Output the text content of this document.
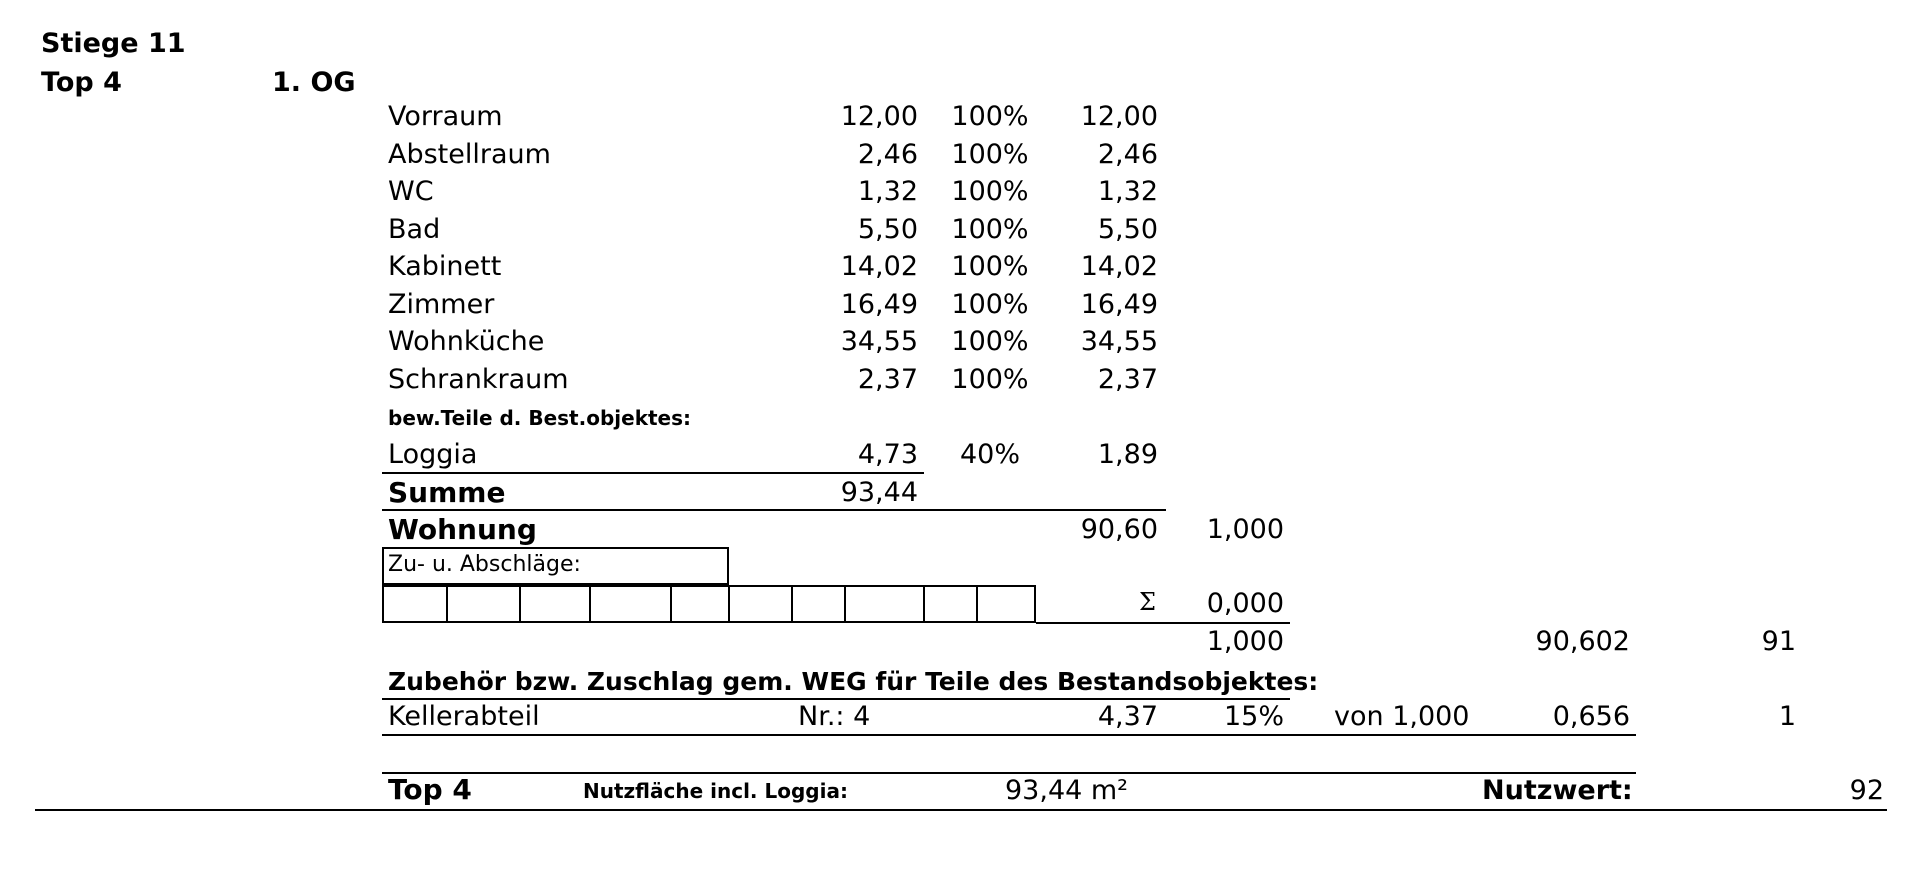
Stiege 11
Top 4	1. OG
Vorraum	12,00	100%	12,00
Abstellraum	2,46	100%	2,46
WC	1,32	100%	1,32
Bad	5,50	100%	5,50
Kabinett	14,02	100%	14,02
Zimmer	16,49	100%	16,49
Wohnküche	34,55	100%	34,55
Schrankraum	2,37	100%	2,37
bew.Teile d. Best.objektes:
Loggia	4,73	40%	1,89
Summe	93,44
Wohnung	90,60	1,000
Zu- u. Abschläge:
Σ	0,000
1,000	90,602	91
Zubehör bzw. Zuschlag gem. WEG für Teile des Bestandsobjektes:
Kellerabteil	Nr.: 4	4,37	15% von 1,000	0,656	1
Top 4	Nutzfläche incl. Loggia:	93,44 m²	Nutzwert:	92
